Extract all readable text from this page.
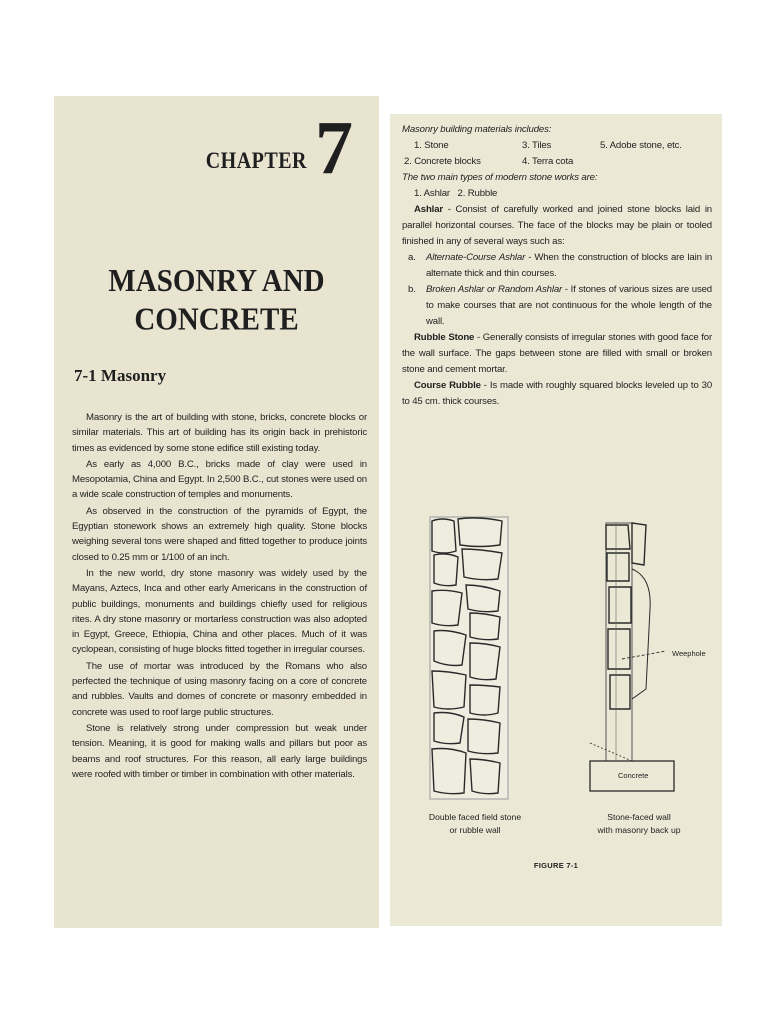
CHAPTER 7
MASONRY AND
CONCRETE
7-1 Masonry

Masonry is the art of building with stone, bricks, concrete blocks or similar materials. This art of building has its origin back in prehistoric times as evidenced by some stone edifice still existing today.

As early as 4,000 B.C., bricks made of clay were used in Mesopotamia, China and Egypt. In 2,500 B.C., cut stones were used on a wide scale construction of temples and monuments.

As observed in the construction of the pyramids of Egypt, the Egyptian stonework shows an extremely high quality. Stone blocks weighing several tons were shaped and fitted together to produce joints closed to 0.25 mm or 1/100 of an inch.

In the new world, dry stone masonry was widely used by the Mayans, Aztecs, Inca and other early Americans in the construction of public buildings, monuments and buildings chiefly used for religious rites. A dry stone masonry or mortarless construction was also adopted in Egypt, Greece, Ethiopia, China and other places. Much of it was cyclopean, consisting of huge blocks fitted together in irregular courses.

The use of mortar was introduced by the Romans who also perfected the technique of using masonry facing on a core of concrete and rubbles. Vaults and domes of concrete or masonry embedded in concrete was used to roof large public structures.

Stone is relatively strong under compression but weak under tension. Meaning, it is good for making walls and pillars but poor as beams and roof structures. For this reason, all early large buildings were roofed with timber or timber in combination with other materials.

Masonry building materials includes:
1. Stone	3. Tiles	5. Adobe stone, etc.
2. Concrete blocks	4. Terra cota
The two main types of modern stone works are:
1. Ashlar   2. Rubble

Ashlar - Consist of carefully worked and joined stone blocks laid in parallel horizontal courses. The face of the blocks may be plain or tooled finished in any of several ways such as:

a.	Alternate-Course Ashlar - When the construction of blocks are lain in alternate thick and thin courses.
b.	Broken Ashlar or Random Ashlar - If stones of various sizes are used to make courses that are not continuous for the whole length of the wall.

Rubble Stone - Generally consists of irregular stones with good face for the wall surface. The gaps between stone are filled with small or broken stone and cement mortar.

Course Rubble - Is made with roughly squared blocks leveled up to 30 to 45 cm. thick courses.

Weephole
Concrete
Double faced field stone
or rubble wall
Stone-faced wall
with masonry back up
FIGURE 7-1
